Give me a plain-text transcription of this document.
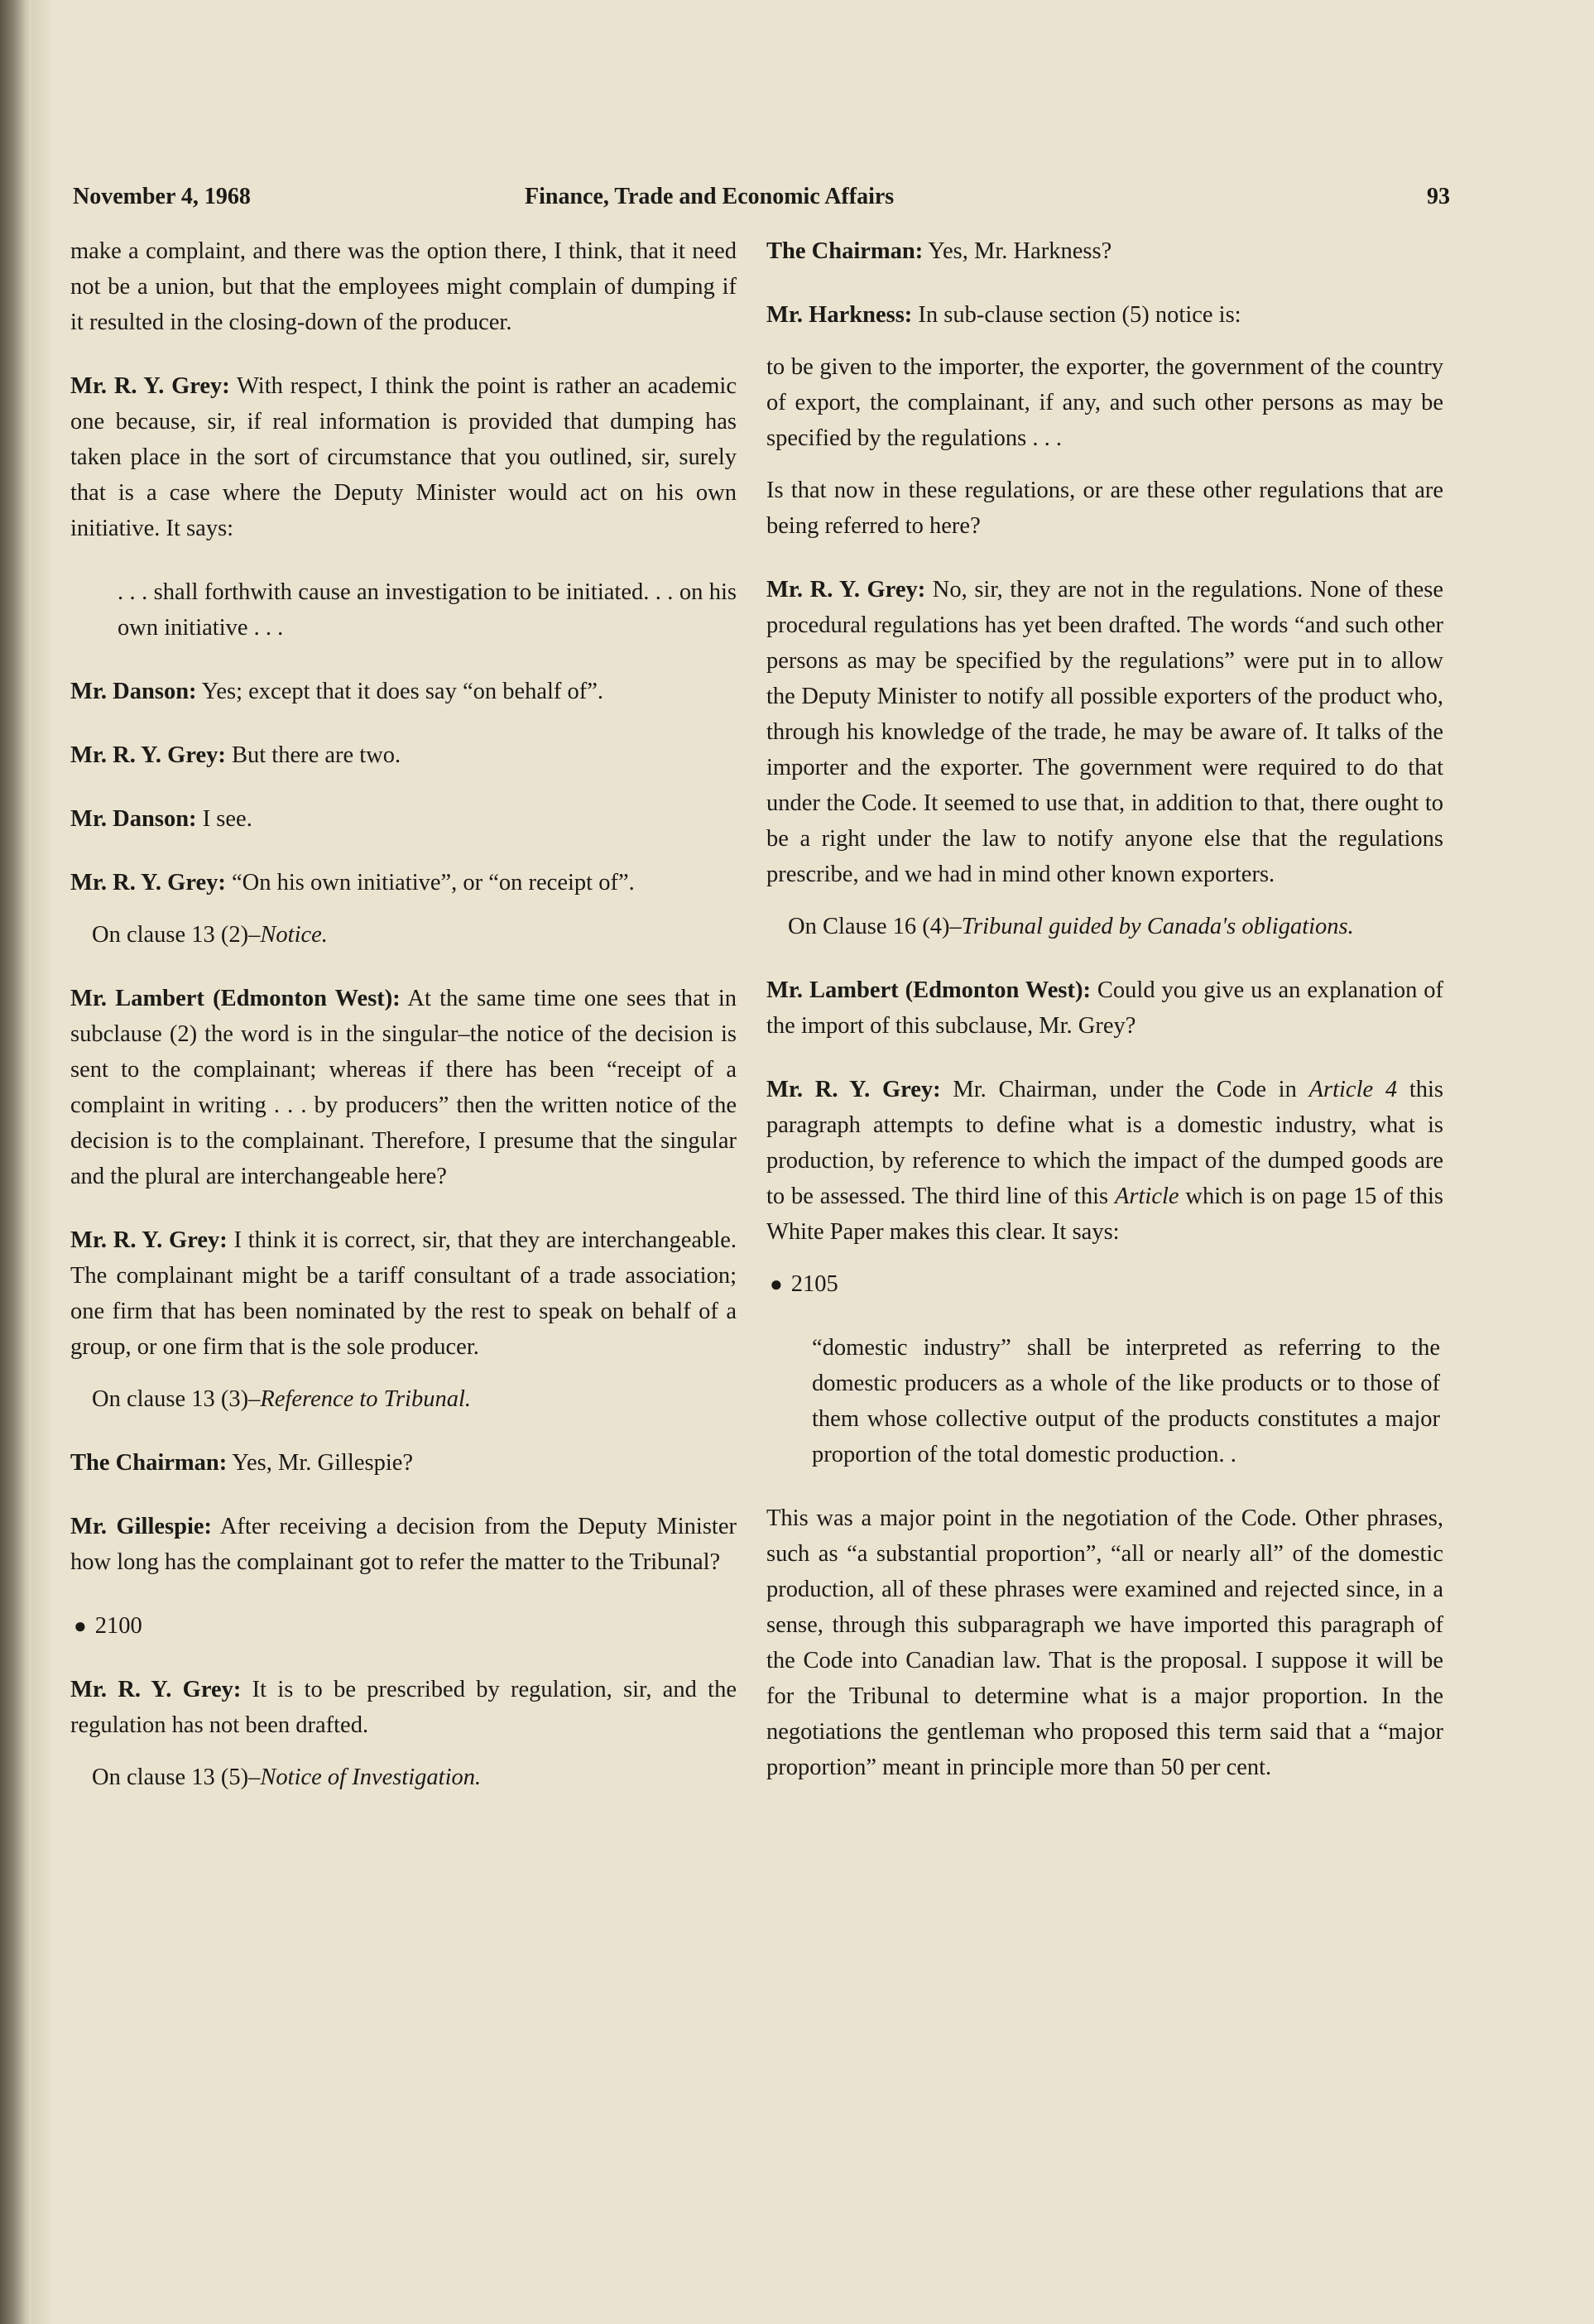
November 4, 1968	Finance, Trade and Economic Affairs	93

make a complaint, and there was the option there, I think, that it need not be a union, but that the employees might complain of dumping if it resulted in the closing-down of the producer.

Mr. R. Y. Grey: With respect, I think the point is rather an academic one because, sir, if real information is provided that dumping has taken place in the sort of circumstance that you outlined, sir, surely that is a case where the Deputy Minister would act on his own initiative. It says:

. . . shall forthwith cause an investigation to be initiated. . . on his own initiative . . .

Mr. Danson: Yes; except that it does say “on behalf of”.

Mr. R. Y. Grey: But there are two.

Mr. Danson: I see.

Mr. R. Y. Grey: “On his own initiative”, or “on receipt of”.

On clause 13 (2)–Notice.

Mr. Lambert (Edmonton West): At the same time one sees that in subclause (2) the word is in the singular–the notice of the decision is sent to the complainant; whereas if there has been “receipt of a complaint in writing . . . by producers” then the written notice of the decision is to the complainant. Therefore, I presume that the singular and the plural are interchangeable here?

Mr. R. Y. Grey: I think it is correct, sir, that they are interchangeable. The complainant might be a tariff consultant of a trade association; one firm that has been nominated by the rest to speak on behalf of a group, or one firm that is the sole producer.

On clause 13 (3)–Reference to Tribunal.

The Chairman: Yes, Mr. Gillespie?

Mr. Gillespie: After receiving a decision from the Deputy Minister how long has the complainant got to refer the matter to the Tribunal?

● 2100

Mr. R. Y. Grey: It is to be prescribed by regulation, sir, and the regulation has not been drafted.

On clause 13 (5)–Notice of Investigation.

The Chairman: Yes, Mr. Harkness?

Mr. Harkness: In sub-clause section (5) notice is:

to be given to the importer, the exporter, the government of the country of export, the complainant, if any, and such other persons as may be specified by the regulations . . .

Is that now in these regulations, or are these other regulations that are being referred to here?

Mr. R. Y. Grey: No, sir, they are not in the regulations. None of these procedural regulations has yet been drafted. The words “and such other persons as may be specified by the regulations” were put in to allow the Deputy Minister to notify all possible exporters of the product who, through his knowledge of the trade, he may be aware of. It talks of the importer and the exporter. The government were required to do that under the Code. It seemed to use that, in addition to that, there ought to be a right under the law to notify anyone else that the regulations prescribe, and we had in mind other known exporters.

On Clause 16 (4)–Tribunal guided by Canada's obligations.

Mr. Lambert (Edmonton West): Could you give us an explanation of the import of this subclause, Mr. Grey?

Mr. R. Y. Grey: Mr. Chairman, under the Code in Article 4 this paragraph attempts to define what is a domestic industry, what is production, by reference to which the impact of the dumped goods are to be assessed. The third line of this Article which is on page 15 of this White Paper makes this clear. It says:

● 2105

“domestic industry” shall be interpreted as referring to the domestic producers as a whole of the like products or to those of them whose collective output of the products constitutes a major proportion of the total domestic production. .

This was a major point in the negotiation of the Code. Other phrases, such as “a substantial proportion”, “all or nearly all” of the domestic production, all of these phrases were examined and rejected since, in a sense, through this subparagraph we have imported this paragraph of the Code into Canadian law. That is the proposal. I suppose it will be for the Tribunal to determine what is a major proportion. In the negotiations the gentleman who proposed this term said that a “major proportion” meant in principle more than 50 per cent.
